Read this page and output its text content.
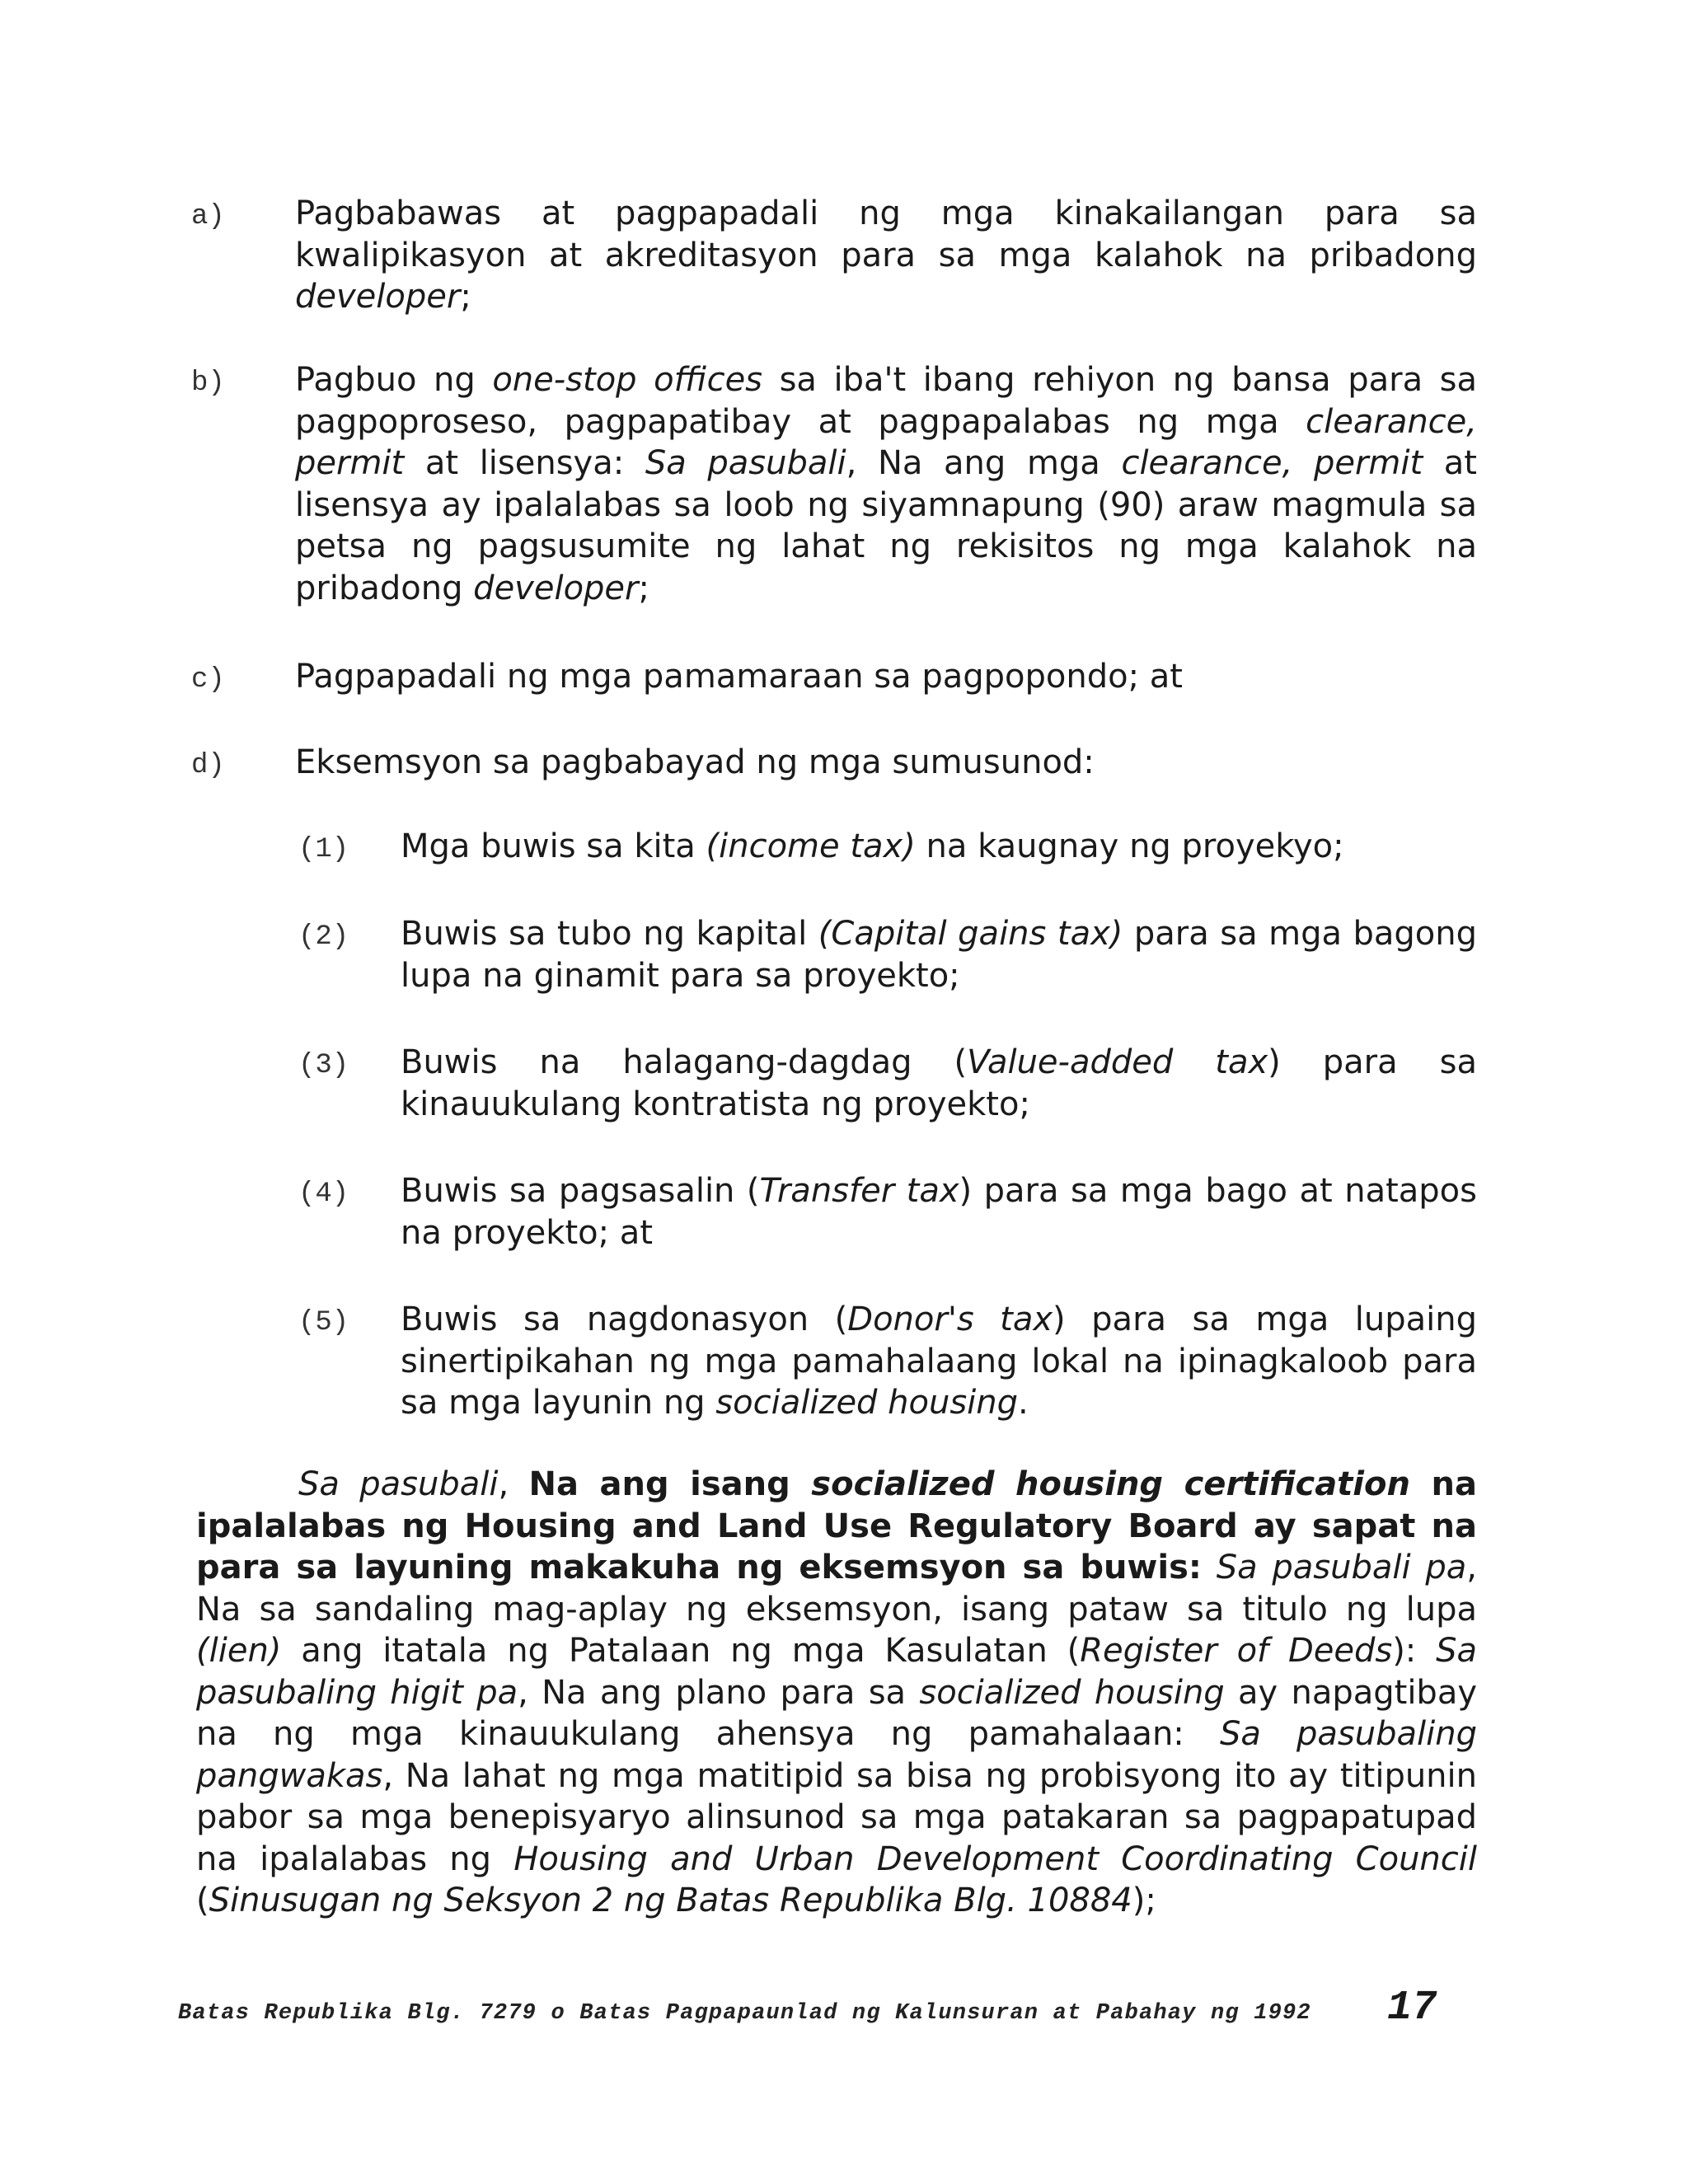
a) Pagbabawas at pagpapadali ng mga kinakailangan para sa kwalipikasyon at akreditasyon para sa mga kalahok na pribadong developer;
b) Pagbuo ng one-stop offices sa iba't ibang rehiyon ng bansa para sa pagpoproseso, pagpapatibay at pagpapalabas ng mga clearance, permit at lisensya: Sa pasubali, Na ang mga clearance, permit at lisensya ay ipalalabas sa loob ng siyamnapung (90) araw magmula sa petsa ng pagsusumite ng lahat ng rekisitos ng mga kalahok na pribadong developer;
c) Pagpapadali ng mga pamamaraan sa pagpopondo; at
d) Eksemsyon sa pagbabayad ng mga sumusunod:
(1) Mga buwis sa kita (income tax) na kaugnay ng proyekyo;
(2) Buwis sa tubo ng kapital (Capital gains tax) para sa mga bagong lupa na ginamit para sa proyekto;
(3) Buwis na halagang-dagdag (Value-added tax) para sa kinauukulang kontratista ng proyekto;
(4) Buwis sa pagsasalin (Transfer tax) para sa mga bago at natapos na proyekto; at
(5) Buwis sa nagdonasyon (Donor's tax) para sa mga lupaing sinertipikahan ng mga pamahalaang lokal na ipinagkaloob para sa mga layunin ng socialized housing.
Sa pasubali, Na ang isang socialized housing certification na ipalalabas ng Housing and Land Use Regulatory Board ay sapat na para sa layuning makakuha ng eksemsyon sa buwis: Sa pasubali pa, Na sa sandaling mag-aplay ng eksemsyon, isang pataw sa titulo ng lupa (lien) ang itatala ng Patalaan ng mga Kasulatan (Register of Deeds): Sa pasubaling higit pa, Na ang plano para sa socialized housing ay napagtibay na ng mga kinauukulang ahensya ng pamahalaan: Sa pasubaling pangwakas, Na lahat ng mga matitipid sa bisa ng probisyong ito ay titipunin pabor sa mga benepisyaryo alinsunod sa mga patakaran sa pagpapatupad na ipalalabas ng Housing and Urban Development Coordinating Council (Sinusugan ng Seksyon 2 ng Batas Republika Blg. 10884);
Batas Republika Blg. 7279 o Batas Pagpapaunlad ng Kalunsuran at Pabahay ng 1992	17
